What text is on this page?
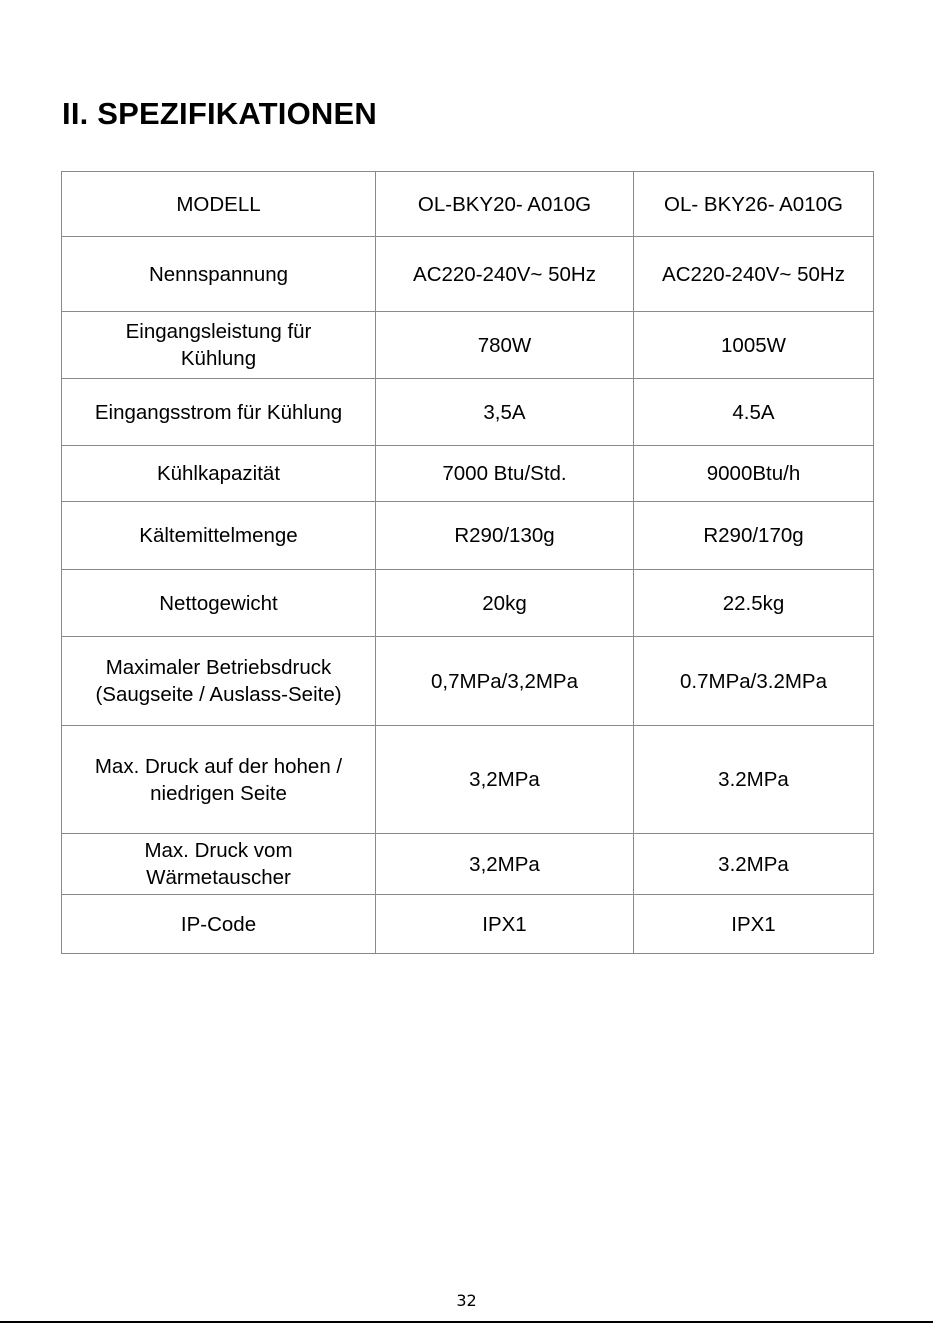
II. SPEZIFIKATIONEN
MODELL	OL-BKY20- A010G	OL- BKY26- A010G
Nennspannung	AC220-240V~ 50Hz	AC220-240V~ 50Hz
Eingangsleistung für
Kühlung	780W	1005W
Eingangsstrom für Kühlung	3,5A	4.5A
Kühlkapazität	7000 Btu/Std.	9000Btu/h
Kältemittelmenge	R290/130g	R290/170g
Nettogewicht	20kg	22.5kg
Maximaler Betriebsdruck
(Saugseite / Auslass-Seite)	0,7MPa/3,2MPa	0.7MPa/3.2MPa
Max. Druck auf der hohen /
niedrigen Seite	3,2MPa	3.2MPa
Max. Druck vom
Wärmetauscher	3,2MPa	3.2MPa
IP-Code	IPX1	IPX1
32
